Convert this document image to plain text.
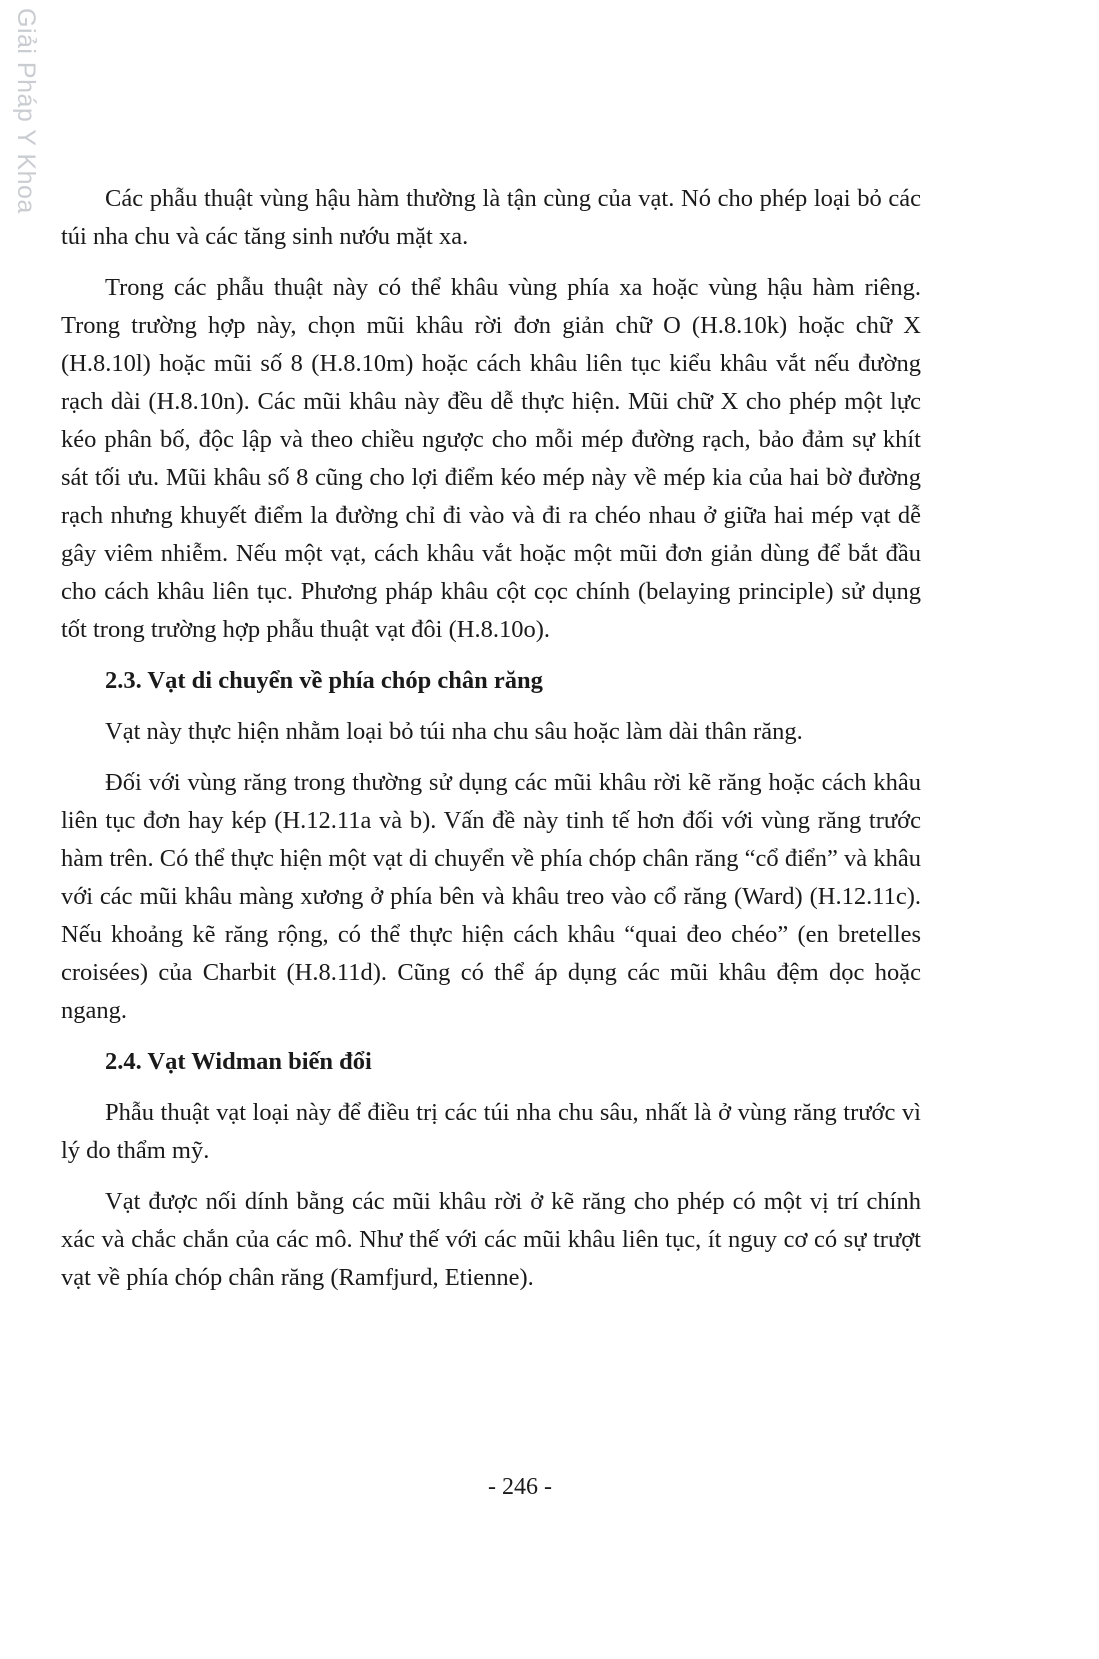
Giải Pháp Y Khoa	Các phẫu thuật vùng hậu hàm thường là tận cùng của vạt. Nó cho phép loại bỏ các túi nha chu và các tăng sinh nướu mặt xa.

Trong các phẫu thuật này có thể khâu vùng phía xa hoặc vùng hậu hàm riêng. Trong trường hợp này, chọn mũi khâu rời đơn giản chữ O (H.8.10k) hoặc chữ X (H.8.10l) hoặc mũi số 8 (H.8.10m) hoặc cách khâu liên tục kiểu khâu vắt nếu đường rạch dài (H.8.10n). Các mũi khâu này đều dễ thực hiện. Mũi chữ X cho phép một lực kéo phân bố, độc lập và theo chiều ngược cho mỗi mép đường rạch, bảo đảm sự khít sát tối ưu. Mũi khâu số 8 cũng cho lợi điểm kéo mép này về mép kia của hai bờ đường rạch nhưng khuyết điểm la đường chỉ đi vào và đi ra chéo nhau ở giữa hai mép vạt dễ gây viêm nhiễm. Nếu một vạt, cách khâu vắt hoặc một mũi đơn giản dùng để bắt đầu cho cách khâu liên tục. Phương pháp khâu cột cọc chính (belaying principle) sử dụng tốt trong trường hợp phẫu thuật vạt đôi (H.8.10o).

2.3. Vạt di chuyển về phía chóp chân răng

Vạt này thực hiện nhằm loại bỏ túi nha chu sâu hoặc làm dài thân răng.

Đối với vùng răng trong thường sử dụng các mũi khâu rời kẽ răng hoặc cách khâu liên tục đơn hay kép (H.12.11a và b). Vấn đề này tinh tế hơn đối với vùng răng trước hàm trên. Có thể thực hiện một vạt di chuyển về phía chóp chân răng “cổ điển” và khâu với các mũi khâu màng xương ở phía bên và khâu treo vào cổ răng (Ward) (H.12.11c). Nếu khoảng kẽ răng rộng, có thể thực hiện cách khâu “quai đeo chéo” (en bretelles croisées) của Charbit (H.8.11d). Cũng có thể áp dụng các mũi khâu đệm dọc hoặc ngang.

2.4. Vạt Widman biến đổi

Phẫu thuật vạt loại này để điều trị các túi nha chu sâu, nhất là ở vùng răng trước vì lý do thẩm mỹ.

Vạt được nối dính bằng các mũi khâu rời ở kẽ răng cho phép có một vị trí chính xác và chắc chắn của các mô. Như thế với các mũi khâu liên tục, ít nguy cơ có sự trượt vạt về phía chóp chân răng (Ramfjurd, Etienne).

- 246 -
